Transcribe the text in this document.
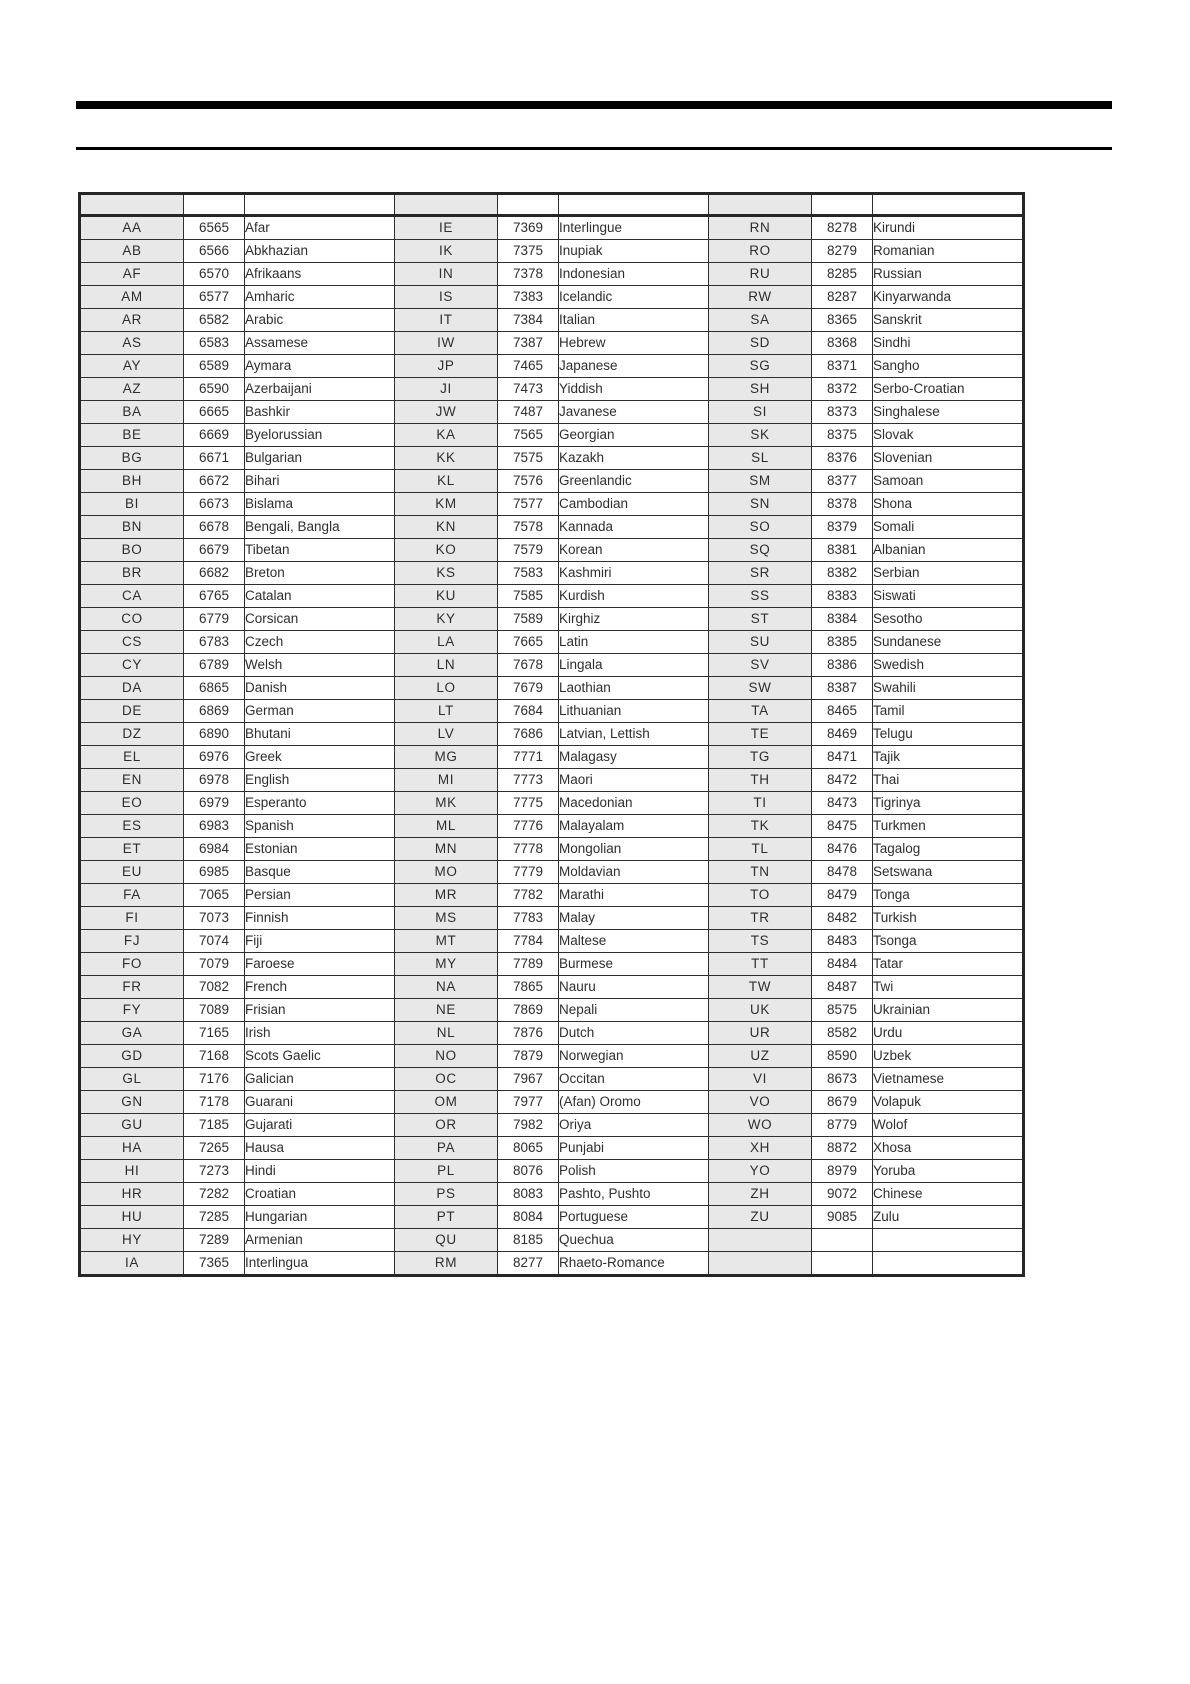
AA	6565	Afar	IE	7369	Interlingue	RN	8278	Kirundi
AB	6566	Abkhazian	IK	7375	Inupiak	RO	8279	Romanian
AF	6570	Afrikaans	IN	7378	Indonesian	RU	8285	Russian
AM	6577	Amharic	IS	7383	Icelandic	RW	8287	Kinyarwanda
AR	6582	Arabic	IT	7384	Italian	SA	8365	Sanskrit
AS	6583	Assamese	IW	7387	Hebrew	SD	8368	Sindhi
AY	6589	Aymara	JP	7465	Japanese	SG	8371	Sangho
AZ	6590	Azerbaijani	JI	7473	Yiddish	SH	8372	Serbo-Croatian
BA	6665	Bashkir	JW	7487	Javanese	SI	8373	Singhalese
BE	6669	Byelorussian	KA	7565	Georgian	SK	8375	Slovak
BG	6671	Bulgarian	KK	7575	Kazakh	SL	8376	Slovenian
BH	6672	Bihari	KL	7576	Greenlandic	SM	8377	Samoan
BI	6673	Bislama	KM	7577	Cambodian	SN	8378	Shona
BN	6678	Bengali, Bangla	KN	7578	Kannada	SO	8379	Somali
BO	6679	Tibetan	KO	7579	Korean	SQ	8381	Albanian
BR	6682	Breton	KS	7583	Kashmiri	SR	8382	Serbian
CA	6765	Catalan	KU	7585	Kurdish	SS	8383	Siswati
CO	6779	Corsican	KY	7589	Kirghiz	ST	8384	Sesotho
CS	6783	Czech	LA	7665	Latin	SU	8385	Sundanese
CY	6789	Welsh	LN	7678	Lingala	SV	8386	Swedish
DA	6865	Danish	LO	7679	Laothian	SW	8387	Swahili
DE	6869	German	LT	7684	Lithuanian	TA	8465	Tamil
DZ	6890	Bhutani	LV	7686	Latvian, Lettish	TE	8469	Telugu
EL	6976	Greek	MG	7771	Malagasy	TG	8471	Tajik
EN	6978	English	MI	7773	Maori	TH	8472	Thai
EO	6979	Esperanto	MK	7775	Macedonian	TI	8473	Tigrinya
ES	6983	Spanish	ML	7776	Malayalam	TK	8475	Turkmen
ET	6984	Estonian	MN	7778	Mongolian	TL	8476	Tagalog
EU	6985	Basque	MO	7779	Moldavian	TN	8478	Setswana
FA	7065	Persian	MR	7782	Marathi	TO	8479	Tonga
FI	7073	Finnish	MS	7783	Malay	TR	8482	Turkish
FJ	7074	Fiji	MT	7784	Maltese	TS	8483	Tsonga
FO	7079	Faroese	MY	7789	Burmese	TT	8484	Tatar
FR	7082	French	NA	7865	Nauru	TW	8487	Twi
FY	7089	Frisian	NE	7869	Nepali	UK	8575	Ukrainian
GA	7165	Irish	NL	7876	Dutch	UR	8582	Urdu
GD	7168	Scots Gaelic	NO	7879	Norwegian	UZ	8590	Uzbek
GL	7176	Galician	OC	7967	Occitan	VI	8673	Vietnamese
GN	7178	Guarani	OM	7977	(Afan) Oromo	VO	8679	Volapuk
GU	7185	Gujarati	OR	7982	Oriya	WO	8779	Wolof
HA	7265	Hausa	PA	8065	Punjabi	XH	8872	Xhosa
HI	7273	Hindi	PL	8076	Polish	YO	8979	Yoruba
HR	7282	Croatian	PS	8083	Pashto, Pushto	ZH	9072	Chinese
HU	7285	Hungarian	PT	8084	Portuguese	ZU	9085	Zulu
HY	7289	Armenian	QU	8185	Quechua			
IA	7365	Interlingua	RM	8277	Rhaeto-Romance			
